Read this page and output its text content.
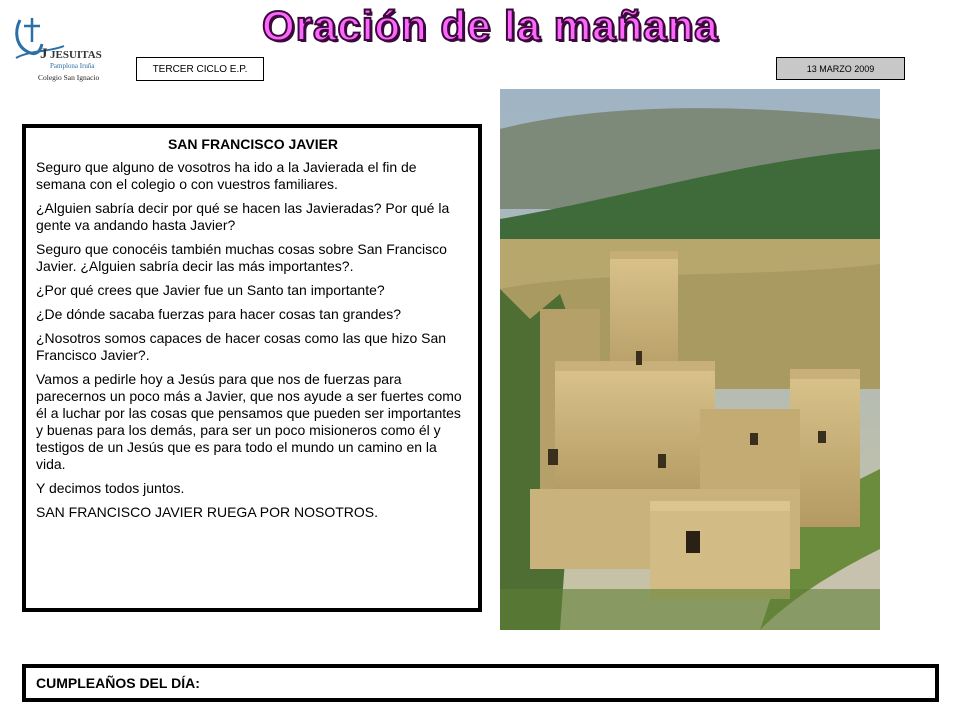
J JESUITAS
Pamplona Iruña
Colegio San Ignacio
Oración de la mañana
TERCER CICLO E.P.	13 MARZO 2009
SAN FRANCISCO JAVIER

Seguro que alguno de vosotros ha ido a la Javierada el fin de semana con el colegio o con vuestros familiares.

¿Alguien sabría decir por qué se hacen las Javieradas? Por qué la gente va andando hasta Javier?

Seguro que conocéis también muchas cosas sobre San Francisco Javier. ¿Alguien sabría decir las más importantes?.

¿Por qué crees que Javier fue un Santo tan importante?

¿De dónde sacaba fuerzas para hacer cosas tan grandes?

¿Nosotros somos capaces de hacer cosas como las que hizo San Francisco Javier?.

Vamos a pedirle hoy a Jesús para que nos de fuerzas para parecernos un poco más a Javier, que nos ayude a ser fuertes como él a luchar por las cosas que pensamos que pueden ser importantes y buenas para los demás, para ser un poco misioneros como él y testigos de un Jesús que es para todo el mundo un camino en la vida.

Y decimos todos juntos.

SAN FRANCISCO JAVIER RUEGA POR NOSOTROS.

CUMPLEAÑOS DEL DÍA:
